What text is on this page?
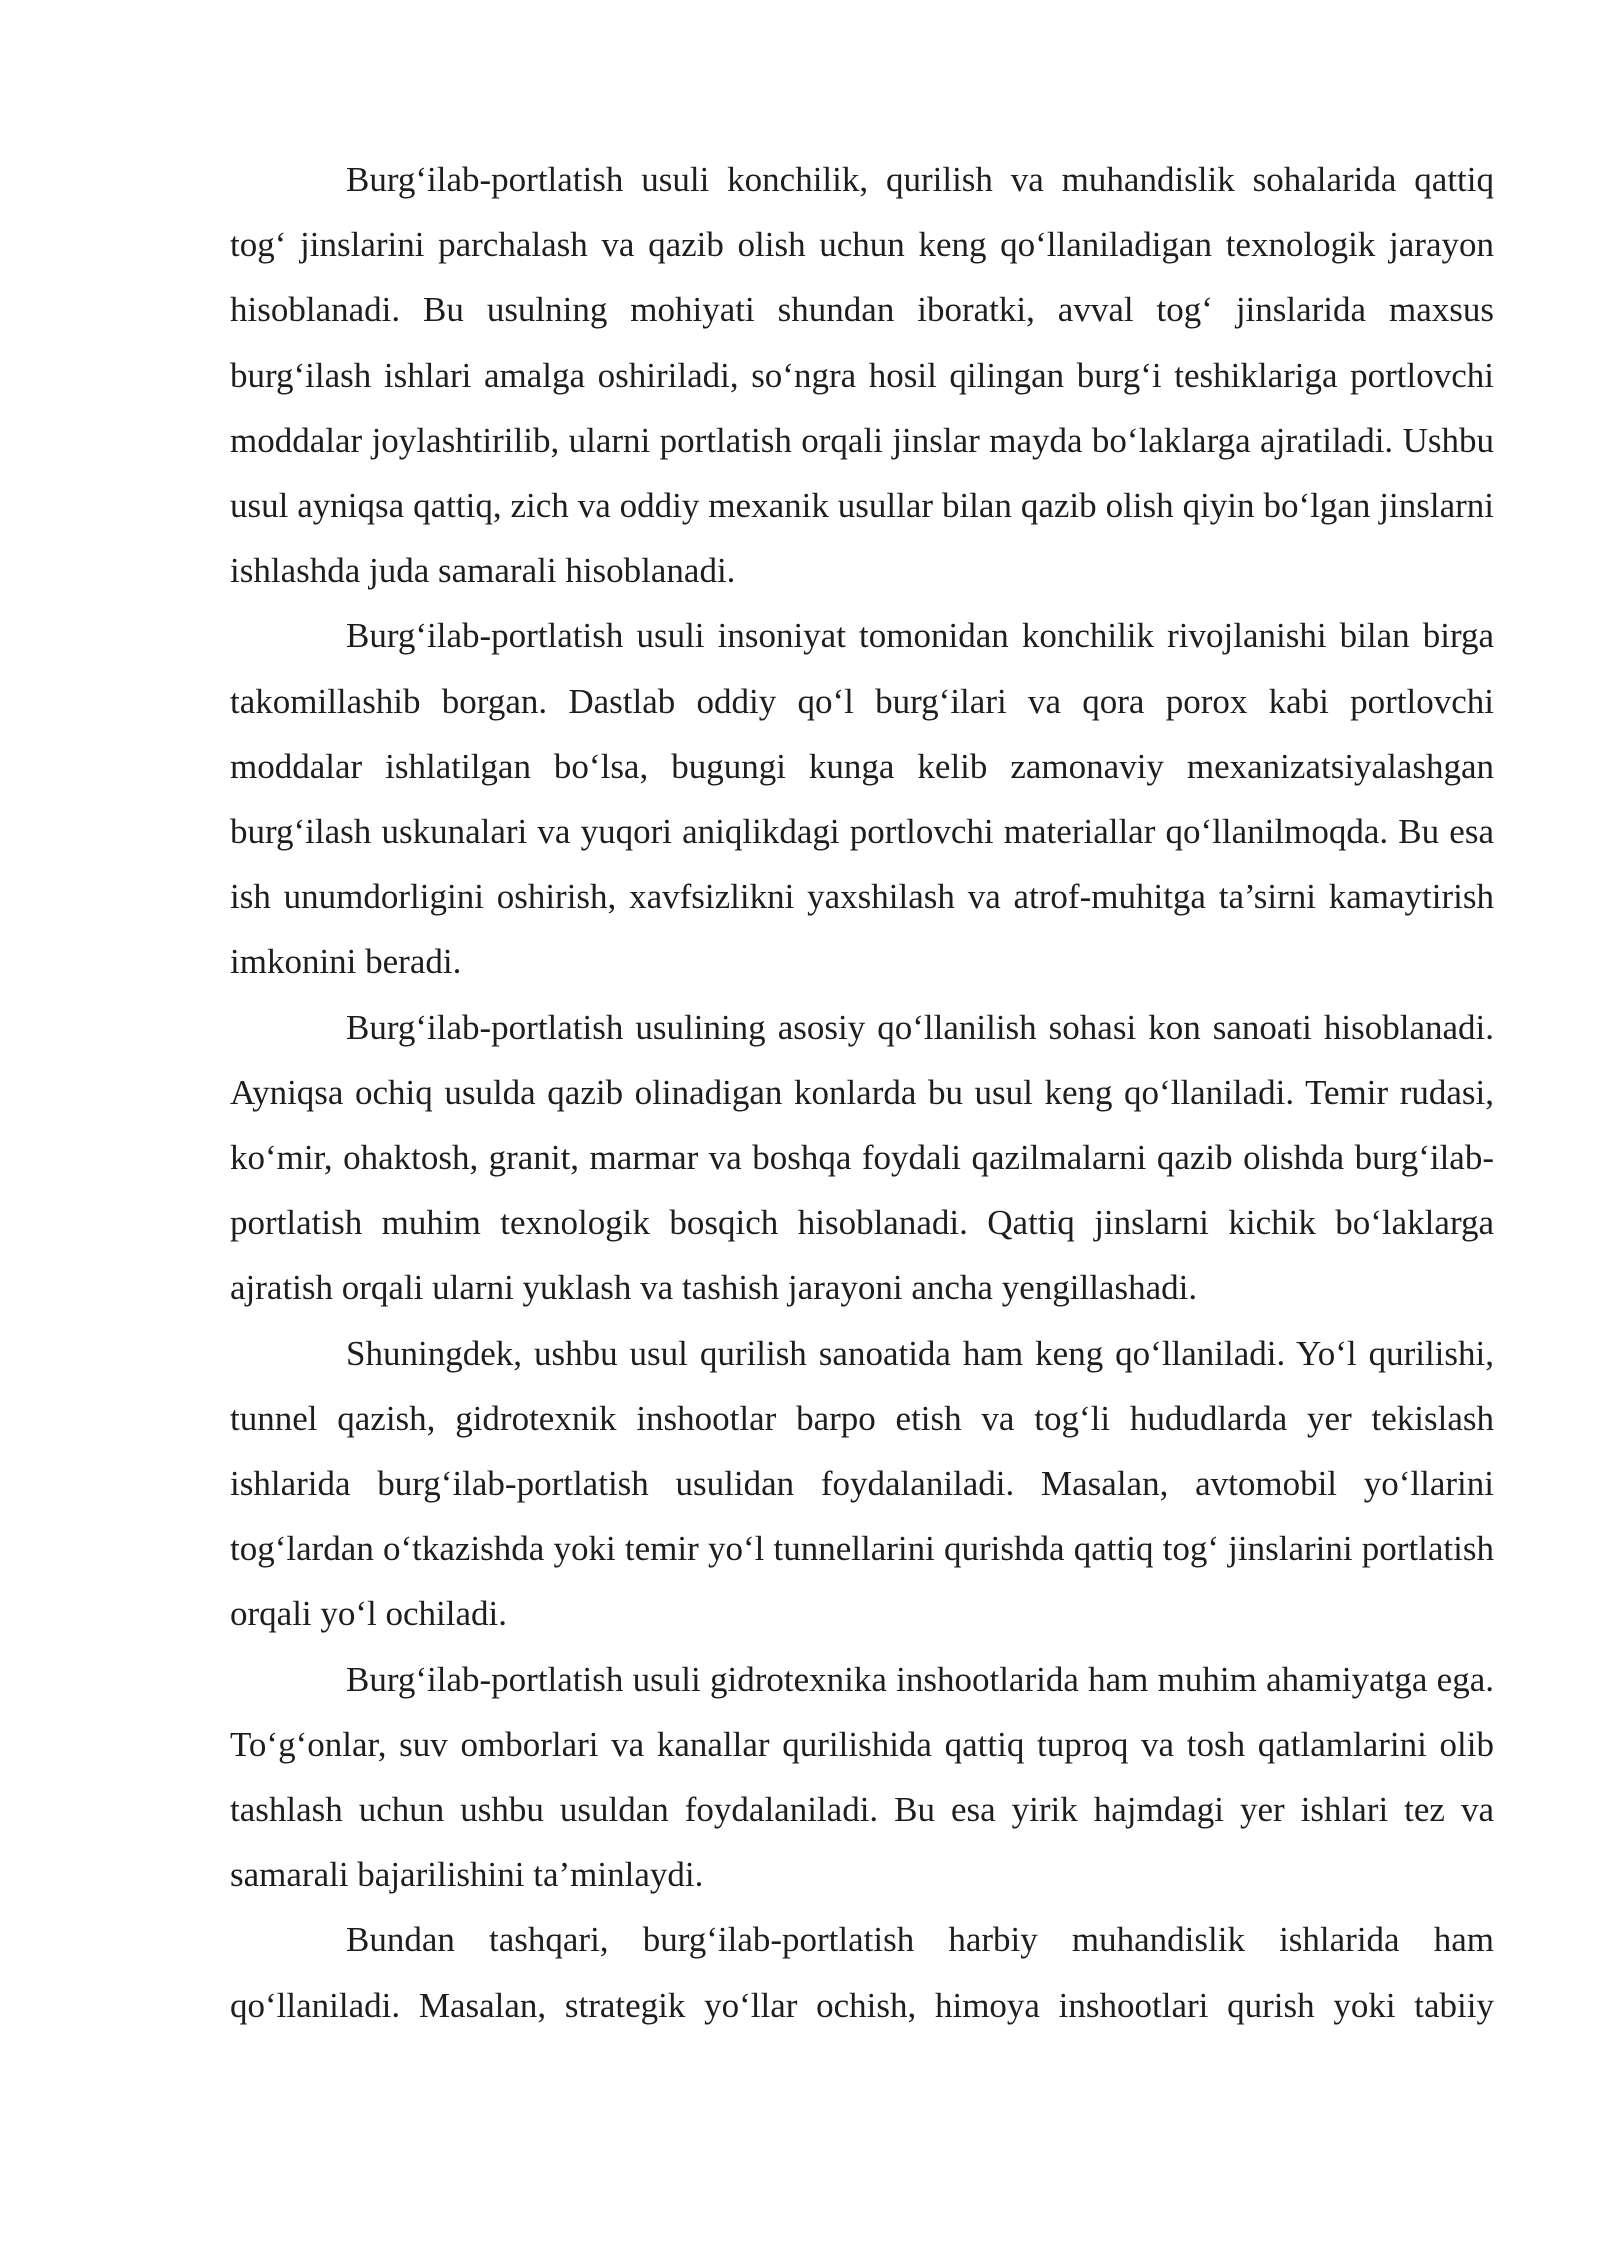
Burg‘ilab-portlatish usuli konchilik, qurilish va muhandislik sohalarida qattiq tog‘ jinslarini parchalash va qazib olish uchun keng qo‘llaniladigan texnologik jarayon hisoblanadi. Bu usulning mohiyati shundan iboratki, avval tog‘ jinslarida maxsus burg‘ilash ishlari amalga oshiriladi, so‘ngra hosil qilingan burg‘i teshiklariga portlovchi moddalar joylashtirilib, ularni portlatish orqali jinslar mayda bo‘laklarga ajratiladi. Ushbu usul ayniqsa qattiq, zich va oddiy mexanik usullar bilan qazib olish qiyin bo‘lgan jinslarni ishlashda juda samarali hisoblanadi.

Burg‘ilab-portlatish usuli insoniyat tomonidan konchilik rivojlanishi bilan birga takomillashib borgan. Dastlab oddiy qo‘l burg‘ilari va qora porox kabi portlovchi moddalar ishlatilgan bo‘lsa, bugungi kunga kelib zamonaviy mexanizatsiyalashgan burg‘ilash uskunalari va yuqori aniqlikdagi portlovchi materiallar qo‘llanilmoqda. Bu esa ish unumdorligini oshirish, xavfsizlikni yaxshilash va atrof-muhitga ta’sirni kamaytirish imkonini beradi.

Burg‘ilab-portlatish usulining asosiy qo‘llanilish sohasi kon sanoati hisoblanadi. Ayniqsa ochiq usulda qazib olinadigan konlarda bu usul keng qo‘llaniladi. Temir rudasi, ko‘mir, ohaktosh, granit, marmar va boshqa foydali qazilmalarni qazib olishda burg‘ilab-portlatish muhim texnologik bosqich hisoblanadi. Qattiq jinslarni kichik bo‘laklarga ajratish orqali ularni yuklash va tashish jarayoni ancha yengillashadi.

Shuningdek, ushbu usul qurilish sanoatida ham keng qo‘llaniladi. Yo‘l qurilishi, tunnel qazish, gidrotexnik inshootlar barpo etish va tog‘li hududlarda yer tekislash ishlarida burg‘ilab-portlatish usulidan foydalaniladi. Masalan, avtomobil yo‘llarini tog‘lardan o‘tkazishda yoki temir yo‘l tunnellarini qurishda qattiq tog‘ jinslarini portlatish orqali yo‘l ochiladi.

Burg‘ilab-portlatish usuli gidrotexnika inshootlarida ham muhim ahamiyatga ega. To‘g‘onlar, suv omborlari va kanallar qurilishida qattiq tuproq va tosh qatlamlarini olib tashlash uchun ushbu usuldan foydalaniladi. Bu esa yirik hajmdagi yer ishlari tez va samarali bajarilishini ta’minlaydi.

Bundan tashqari, burg‘ilab-portlatish harbiy muhandislik ishlarida ham qo‘llaniladi. Masalan, strategik yo‘llar ochish, himoya inshootlari qurish yoki tabiiy
